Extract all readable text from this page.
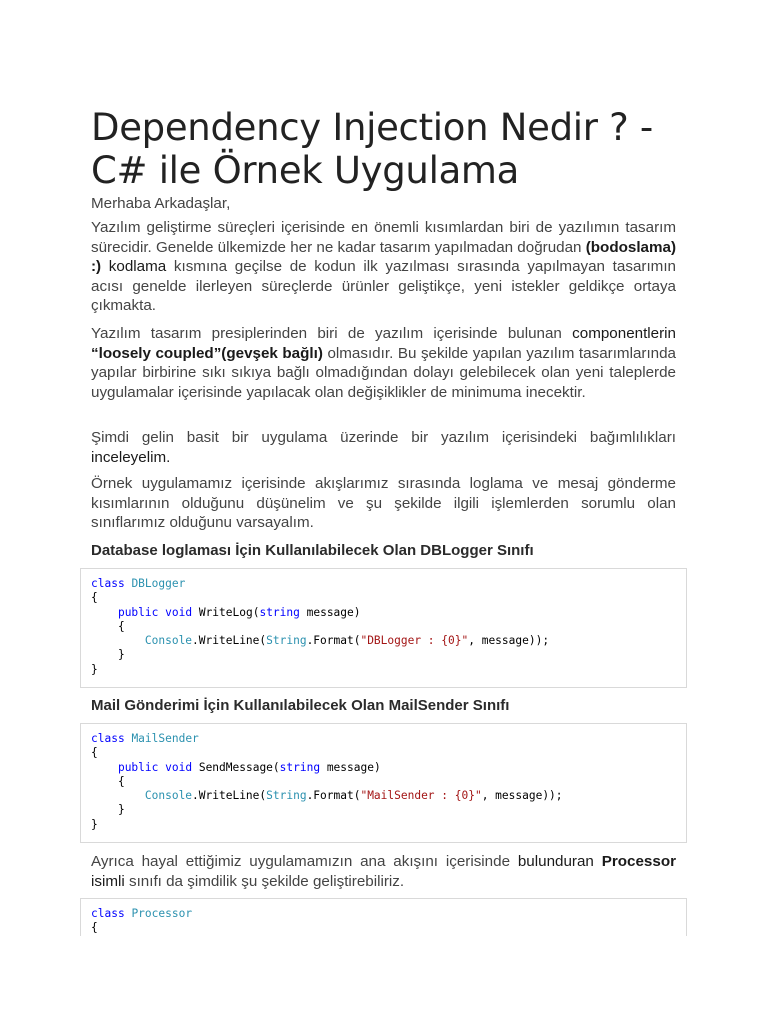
Dependency Injection Nedir ? -
C# ile Örnek Uygulama

Merhaba Arkadaşlar,

Yazılım geliştirme süreçleri içerisinde en önemli kısımlardan biri de yazılımın tasarım sürecidir. Genelde ülkemizde her ne kadar tasarım yapılmadan doğrudan (bodoslama) :) kodlama kısmına geçilse de kodun ilk yazılması sırasında yapılmayan tasarımın acısı genelde ilerleyen süreçlerde ürünler geliştikçe, yeni istekler geldikçe ortaya çıkmakta.

Yazılım tasarım presiplerinden biri de yazılım içerisinde bulunan componentlerin “loosely coupled”(gevşek bağlı) olmasıdır. Bu şekilde yapılan yazılım tasarımlarında yapılar birbirine sıkı sıkıya bağlı olmadığından dolayı gelebilecek olan yeni taleplerde uygulamalar içerisinde yapılacak olan değişiklikler de minimuma inecektir.

Şimdi gelin basit bir uygulama üzerinde bir yazılım içerisindeki bağımlılıkları inceleyelim.

Örnek uygulamamız içerisinde akışlarımız sırasında loglama ve mesaj gönderme kısımlarının olduğunu düşünelim ve şu şekilde ilgili işlemlerden sorumlu olan sınıflarımız olduğunu varsayalım.

Database loglaması İçin Kullanılabilecek Olan DBLogger Sınıfı

class DBLogger
{
public void WriteLog(string message)
{
Console.WriteLine(String.Format("DBLogger : {0}", message));
}
}

Mail Gönderimi İçin Kullanılabilecek Olan MailSender Sınıfı

class MailSender
{
public void SendMessage(string message)
{
Console.WriteLine(String.Format("MailSender : {0}", message));
}
}

Ayrıca hayal ettiğimiz uygulamamızın ana akışını içerisinde bulunduran Processor isimli sınıfı da şimdilik şu şekilde geliştirebiliriz.

class Processor
{
